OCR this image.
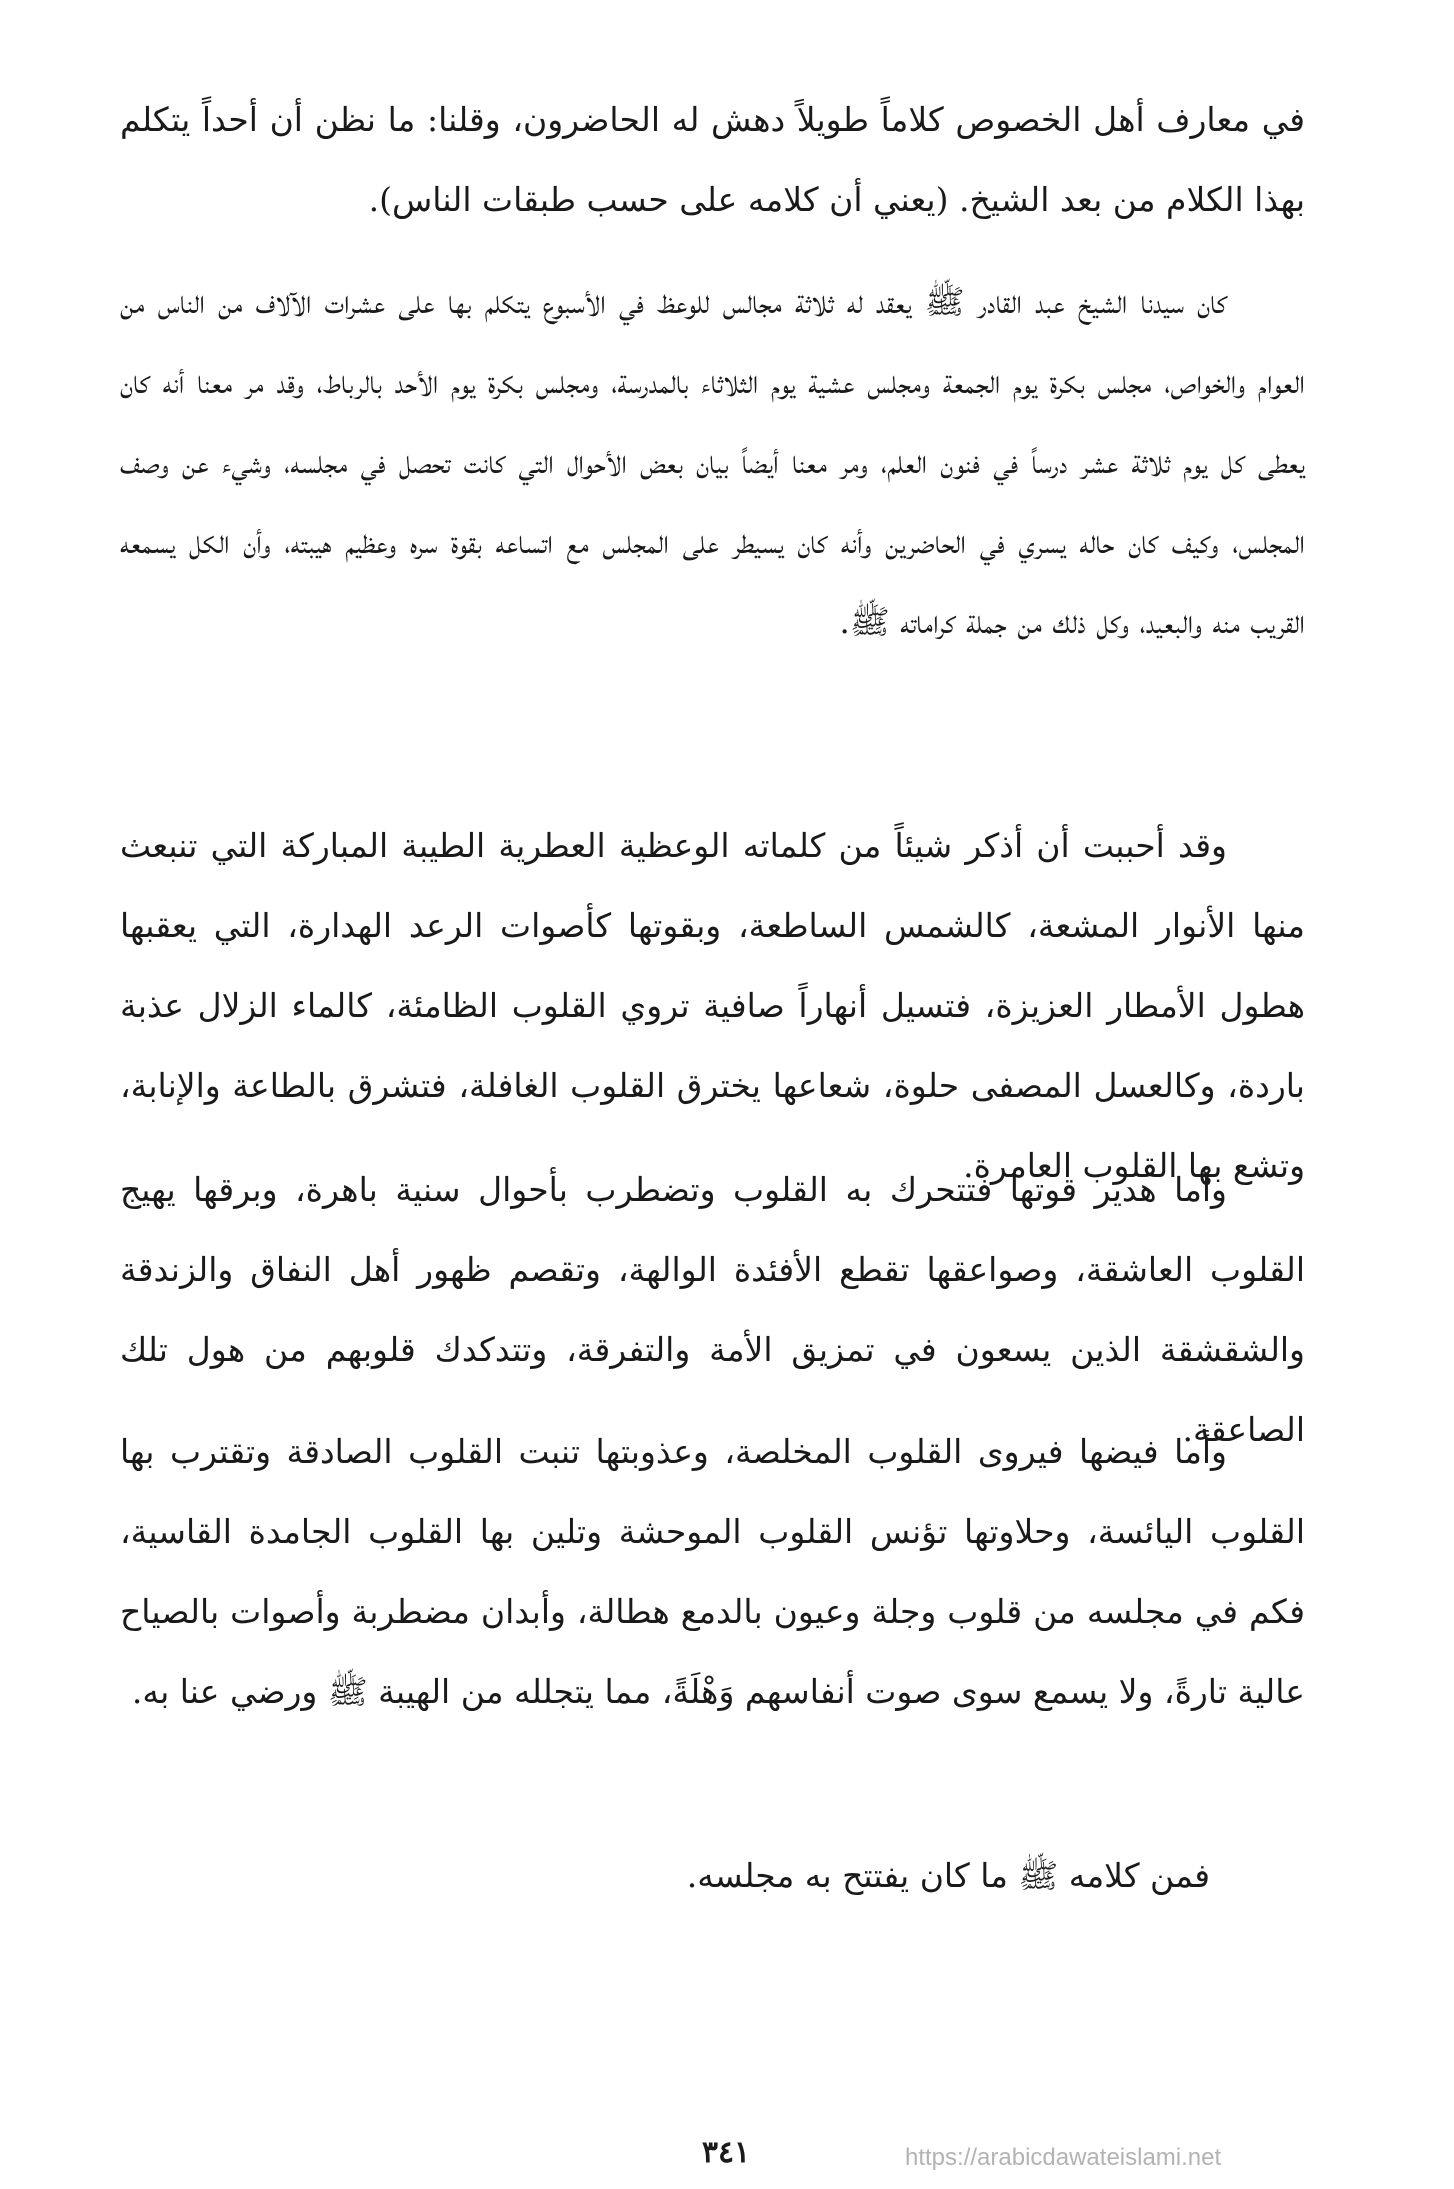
في معارف أهل الخصوص كلاماً طويلاً دهش له الحاضرون، وقلنا: ما نظن أن أحداً يتكلم بهذا الكلام من بعد الشيخ. (يعني أن كلامه على حسب طبقات الناس).

كان سيدنا الشيخ عبد القادر ﷺ يعقد له ثلاثة مجالس للوعظ في الأسبوع يتكلم بها على عشرات الآلاف من الناس من العوام والخواص، مجلس بكرة يوم الجمعة ومجلس عشية يوم الثلاثاء بالمدرسة، ومجلس بكرة يوم الأحد بالرباط، وقد مر معنا أنه كان يعطى كل يوم ثلاثة عشر درساً في فنون العلم، ومر معنا أيضاً بيان بعض الأحوال التي كانت تحصل في مجلسه، وشيء عن وصف المجلس، وكيف كان حاله يسري في الحاضرين وأنه كان يسيطر على المجلس مع اتساعه بقوة سره وعظيم هيبته، وأن الكل يسمعه القريب منه والبعيد، وكل ذلك من جملة كراماته ﷺ.

وقد أحببت أن أذكر شيئاً من كلماته الوعظية العطرية الطيبة المباركة التي تنبعث منها الأنوار المشعة، كالشمس الساطعة، وبقوتها كأصوات الرعد الهدارة، التي يعقبها هطول الأمطار العزيزة، فتسيل أنهاراً صافية تروي القلوب الظامئة، كالماء الزلال عذبة باردة، وكالعسل المصفى حلوة، شعاعها يخترق القلوب الغافلة، فتشرق بالطاعة والإنابة، وتشع بها القلوب العامرة.

وأما هدير قوتها فتتحرك به القلوب وتضطرب بأحوال سنية باهرة، وبرقها يهيج القلوب العاشقة، وصواعقها تقطع الأفئدة الوالهة، وتقصم ظهور أهل النفاق والزندقة والشقشقة الذين يسعون في تمزيق الأمة والتفرقة، وتتدكدك قلوبهم من هول تلك الصاعقة.

وأما فيضها فيروى القلوب المخلصة، وعذوبتها تنبت القلوب الصادقة وتقترب بها القلوب اليائسة، وحلاوتها تؤنس القلوب الموحشة وتلين بها القلوب الجامدة القاسية، فكم في مجلسه من قلوب وجلة وعيون بالدمع هطالة، وأبدان مضطربة وأصوات بالصياح عالية تارةً، ولا يسمع سوى صوت أنفاسهم وَهْلَةً، مما يتجلله من الهيبة ﷺ ورضي عنا به.

فمن كلامه ﷺ ما كان يفتتح به مجلسه.

٣٤١	https://arabicdawateislami.net
